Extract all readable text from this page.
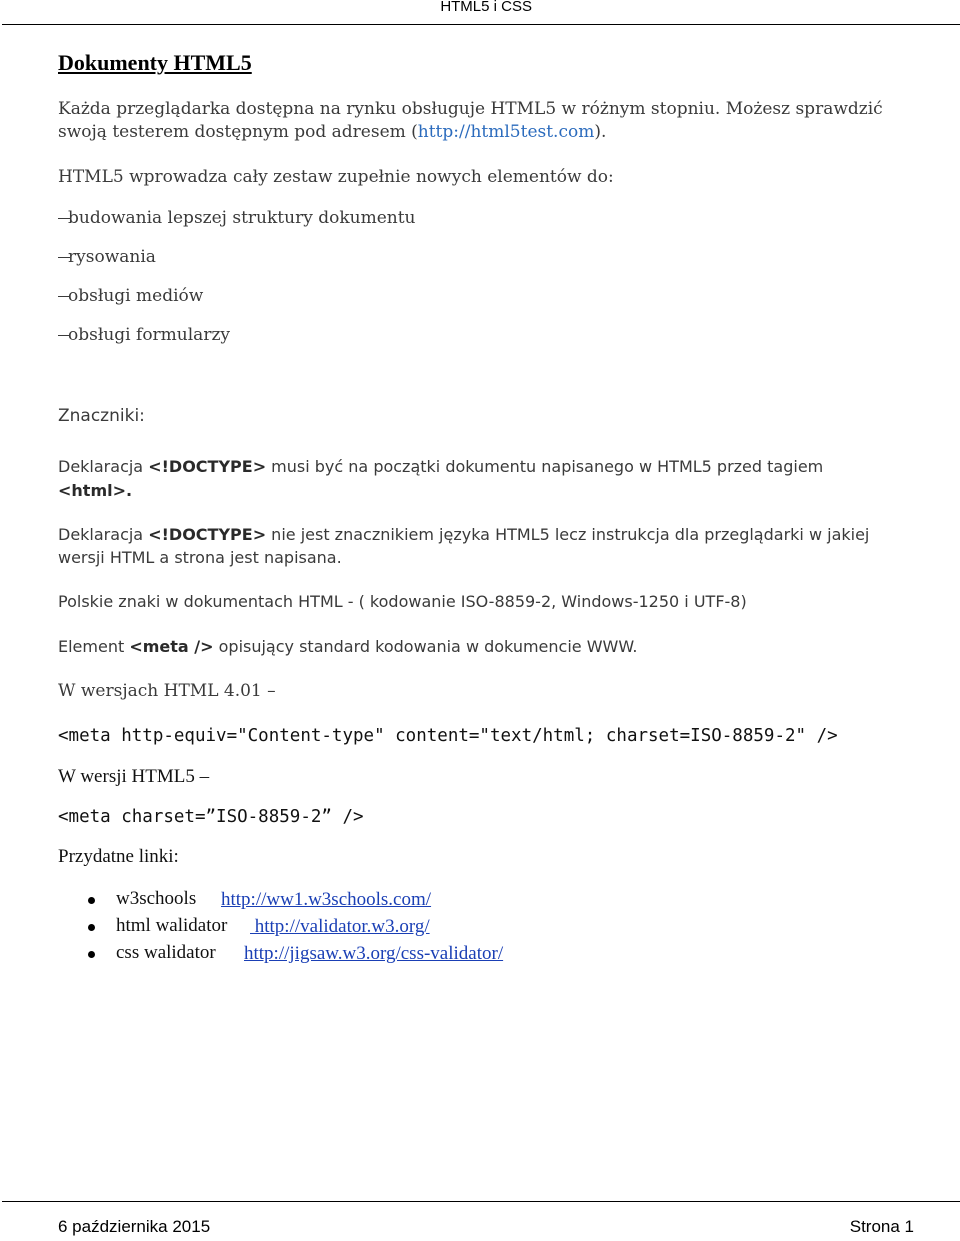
HTML5 i CSS
Dokumenty HTML5
Każda przeglądarka dostępna na rynku obsługuje HTML5 w różnym stopniu. Możesz sprawdzić swoją testerem dostępnym pod adresem (http://html5test.com).
HTML5 wprowadza cały zestaw zupełnie nowych elementów do:
budowania lepszej struktury dokumentu
rysowania
obsługi mediów
obsługi formularzy
Znaczniki:
Deklaracja <!DOCTYPE> musi być na początki dokumentu napisanego w HTML5 przed tagiem
<html>.
Deklaracja <!DOCTYPE> nie jest znacznikiem języka HTML5 lecz instrukcja dla przeglądarki w jakiej
wersji HTML a strona jest napisana.
Polskie znaki w dokumentach HTML - ( kodowanie ISO-8859-2, Windows-1250 i UTF-8)
Element <meta /> opisujący standard kodowania w dokumencie WWW.
W wersjach HTML 4.01 –
<meta http-equiv="Content-type" content="text/html; charset=ISO-8859-2" />
W wersji HTML5 –
<meta charset=”ISO-8859-2” />
Przydatne linki:
w3schools http://ww1.w3schools.com/
html walidator http://validator.w3.org/
css walidator http://jigsaw.w3.org/css-validator/
6 października 2015	Strona 1
